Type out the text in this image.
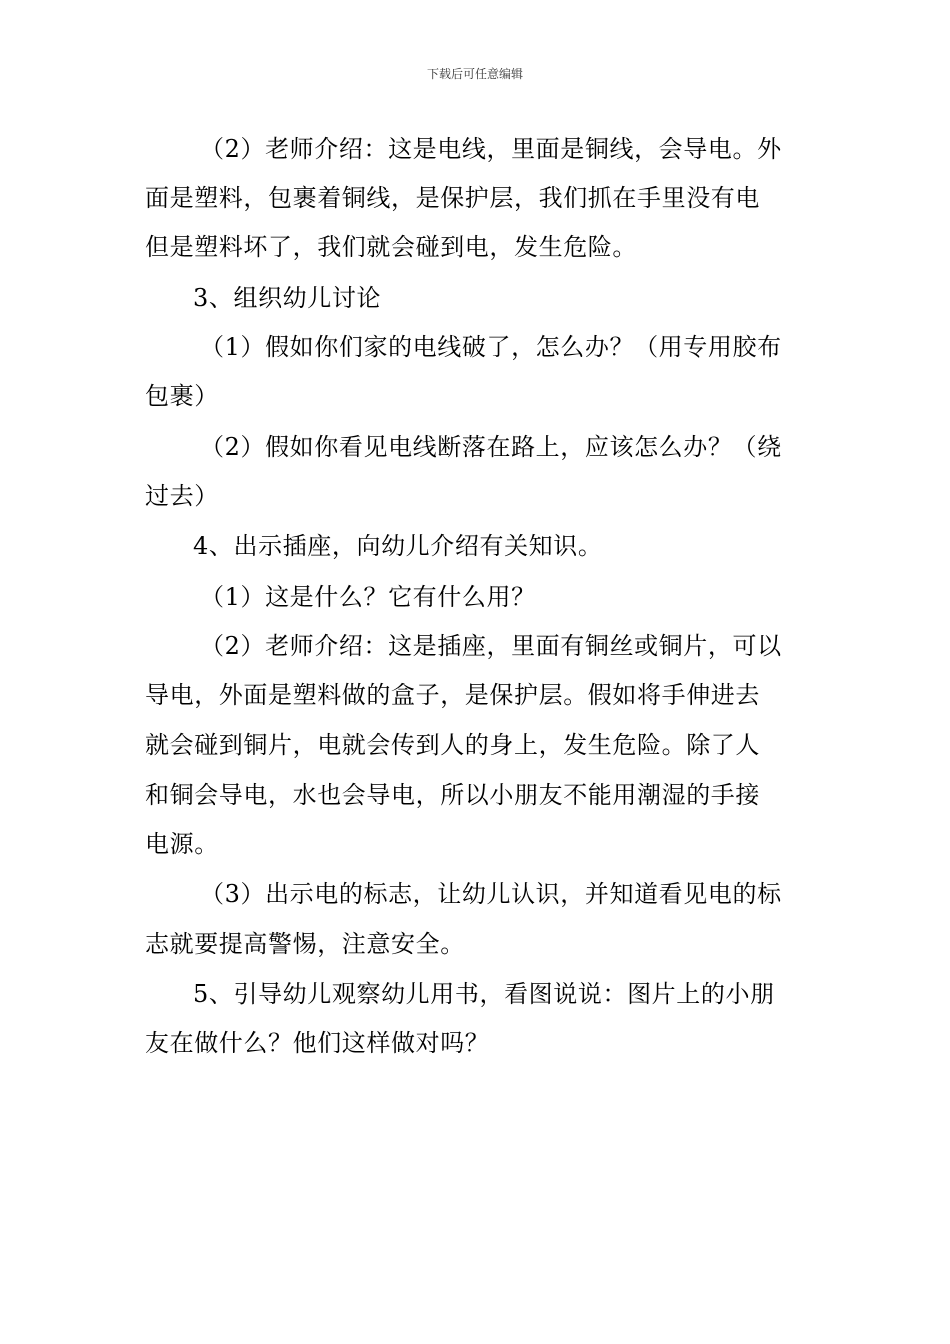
下载后可任意编辑
（2）老师介绍：这是电线，里面是铜线，会导电。外
面是塑料，包裹着铜线，是保护层，我们抓在手里没有电
但是塑料坏了，我们就会碰到电，发生危险。
3、组织幼儿讨论
（1）假如你们家的电线破了，怎么办？（用专用胶布
包裹）
（2）假如你看见电线断落在路上，应该怎么办？（绕
过去）
4、出示插座，向幼儿介绍有关知识。
（1）这是什么？它有什么用？
（2）老师介绍：这是插座，里面有铜丝或铜片，可以
导电，外面是塑料做的盒子，是保护层。假如将手伸进去
就会碰到铜片，电就会传到人的身上，发生危险。除了人
和铜会导电，水也会导电，所以小朋友不能用潮湿的手接
电源。
（3）出示电的标志，让幼儿认识，并知道看见电的标
志就要提高警惕，注意安全。
5、引导幼儿观察幼儿用书，看图说说：图片上的小朋
友在做什么？他们这样做对吗？
